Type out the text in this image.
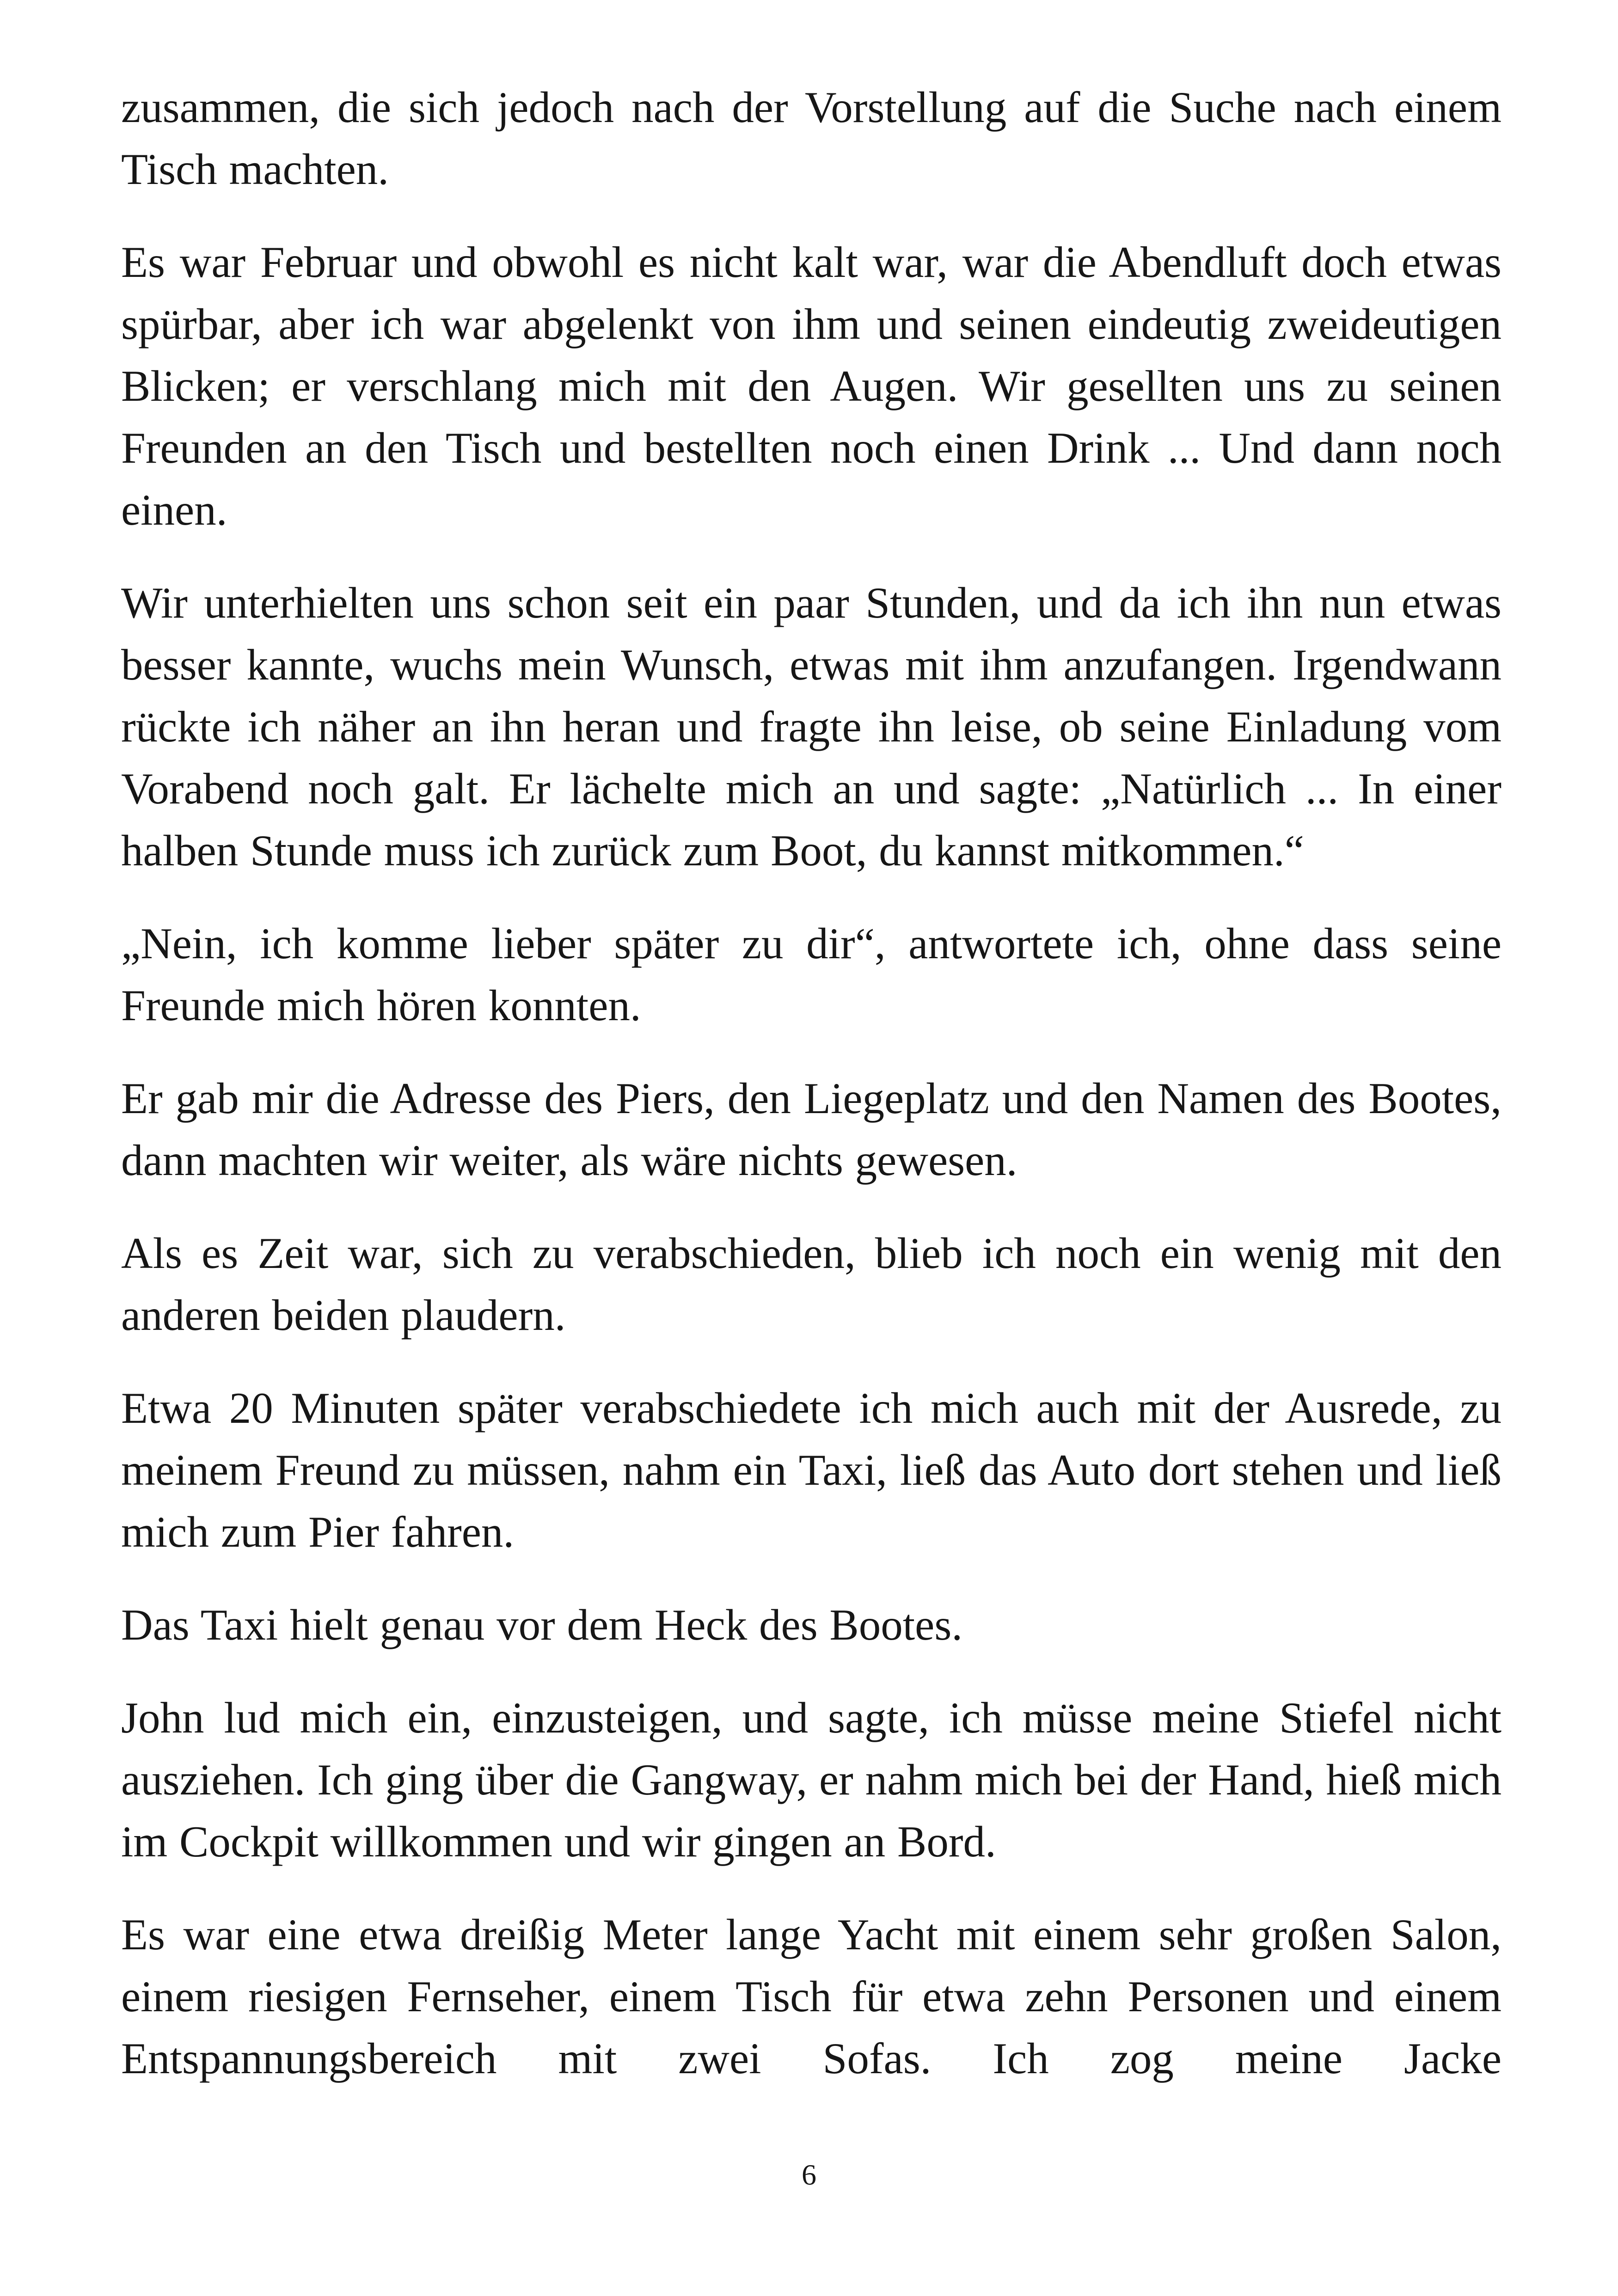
zusammen, die sich jedoch nach der Vorstellung auf die Suche nach einem Tisch machten.

Es war Februar und obwohl es nicht kalt war, war die Abendluft doch etwas spürbar, aber ich war abgelenkt von ihm und seinen eindeutig zweideutigen Blicken; er verschlang mich mit den Augen. Wir gesellten uns zu seinen Freunden an den Tisch und bestellten noch einen Drink ... Und dann noch einen.

Wir unterhielten uns schon seit ein paar Stunden, und da ich ihn nun etwas besser kannte, wuchs mein Wunsch, etwas mit ihm anzufangen. Irgendwann rückte ich näher an ihn heran und fragte ihn leise, ob seine Einladung vom Vorabend noch galt. Er lächelte mich an und sagte: „Natürlich ... In einer halben Stunde muss ich zurück zum Boot, du kannst mitkommen.“

„Nein, ich komme lieber später zu dir“, antwortete ich, ohne dass seine Freunde mich hören konnten.

Er gab mir die Adresse des Piers, den Liegeplatz und den Namen des Bootes, dann machten wir weiter, als wäre nichts gewesen.

Als es Zeit war, sich zu verabschieden, blieb ich noch ein wenig mit den anderen beiden plaudern.

Etwa 20 Minuten später verabschiedete ich mich auch mit der Ausrede, zu meinem Freund zu müssen, nahm ein Taxi, ließ das Auto dort stehen und ließ mich zum Pier fahren.

Das Taxi hielt genau vor dem Heck des Bootes.

John lud mich ein, einzusteigen, und sagte, ich müsse meine Stiefel nicht ausziehen. Ich ging über die Gangway, er nahm mich bei der Hand, hieß mich im Cockpit willkommen und wir gingen an Bord.

Es war eine etwa dreißig Meter lange Yacht mit einem sehr großen Salon, einem riesigen Fernseher, einem Tisch für etwa zehn Personen und einem Entspannungsbereich mit zwei Sofas. Ich zog meine Jacke

6
